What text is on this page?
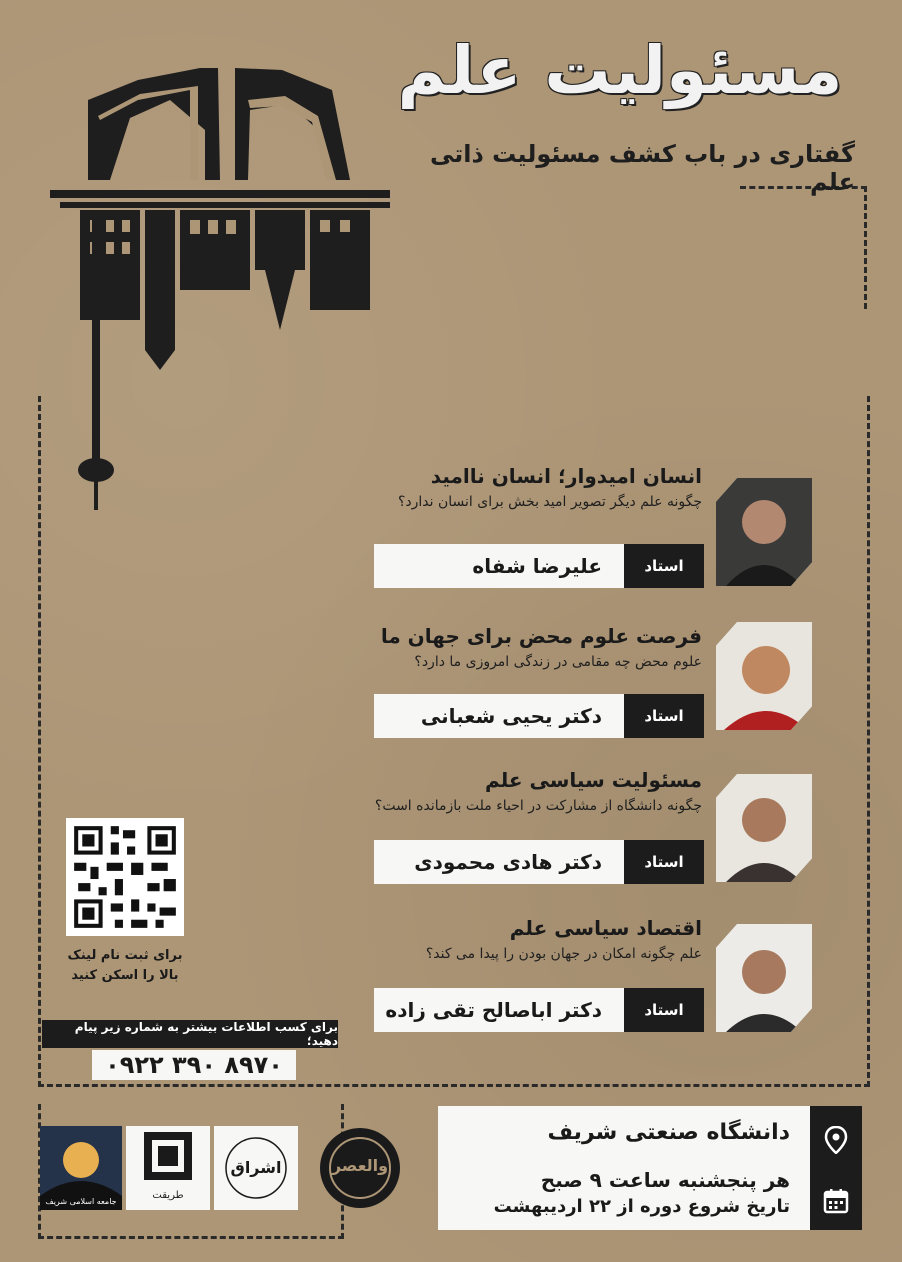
مسئولیت علم
گفتاری در باب کشف مسئولیت ذاتی علم

انسان امیدوار؛ انسان ناامید

چگونه علم دیگر تصویر امید بخش برای انسان ندارد؟
علیرضا شفاه	استاد

فرصت علوم محض برای جهان ما

علوم محض چه مقامی در زندگی امروزی ما دارد؟
دکتر یحیی شعبانی	استاد

مسئولیت سیاسی علم

چگونه دانشگاه از مشارکت در احیاء ملت بازمانده است؟
دکتر هادی محمودی	استاد

اقتصاد سیاسی علم

علم چگونه امکان در جهان بودن را پیدا می کند؟
دکتر اباصالح تقی زاده	استاد
برای ثبت نام لینک
بالا را اسکن کنید
برای کسب اطلاعات بیشتر به شماره زیر پیام دهید؛
۰۹۲۲ ۳۹۰ ۸۹۷۰
دانشگاه صنعتی شریف
هر پنجشنبه ساعت ۹ صبح
تاریخ شروع دوره از ۲۲ اردیبهشت
جامعه اسلامی شریف
طریقت
اشراق	والعصر
